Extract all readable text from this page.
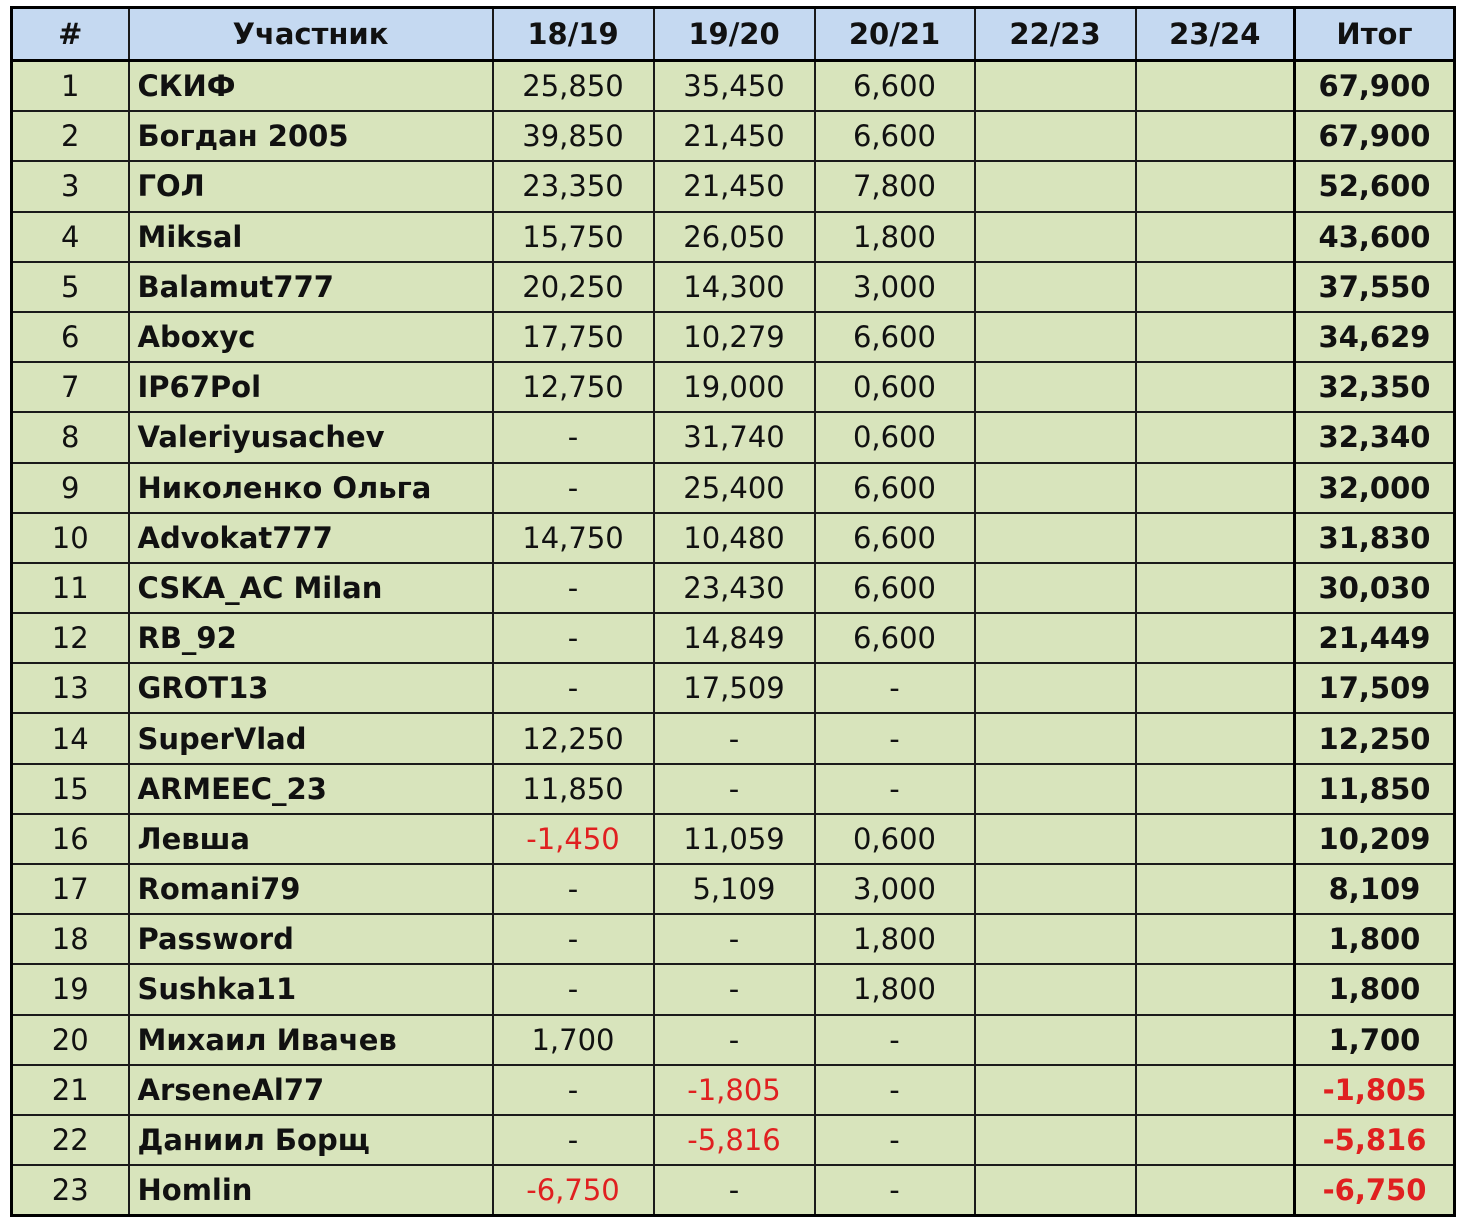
#	Участник	18/19	19/20	20/21	22/23	23/24	Итог
1	СКИФ	25,850	35,450	6,600			67,900
2	Богдан 2005	39,850	21,450	6,600			67,900
3	ГОЛ	23,350	21,450	7,800			52,600
4	Miksal	15,750	26,050	1,800			43,600
5	Balamut777	20,250	14,300	3,000			37,550
6	Aboxyc	17,750	10,279	6,600			34,629
7	IP67Pol	12,750	19,000	0,600			32,350
8	Valeriyusachev	-	31,740	0,600			32,340
9	Николенко Ольга	-	25,400	6,600			32,000
10	Advokat777	14,750	10,480	6,600			31,830
11	CSKA_AC Milan	-	23,430	6,600			30,030
12	RB_92	-	14,849	6,600			21,449
13	GROT13	-	17,509	-			17,509
14	SuperVlad	12,250	-	-			12,250
15	ARMEEC_23	11,850	-	-			11,850
16	Левша	-1,450	11,059	0,600			10,209
17	Romani79	-	5,109	3,000			8,109
18	Password	-	-	1,800			1,800
19	Sushka11	-	-	1,800			1,800
20	Михаил Ивачев	1,700	-	-			1,700
21	ArseneAl77	-	-1,805	-			-1,805
22	Даниил Борщ	-	-5,816	-			-5,816
23	Homlin	-6,750	-	-			-6,750
